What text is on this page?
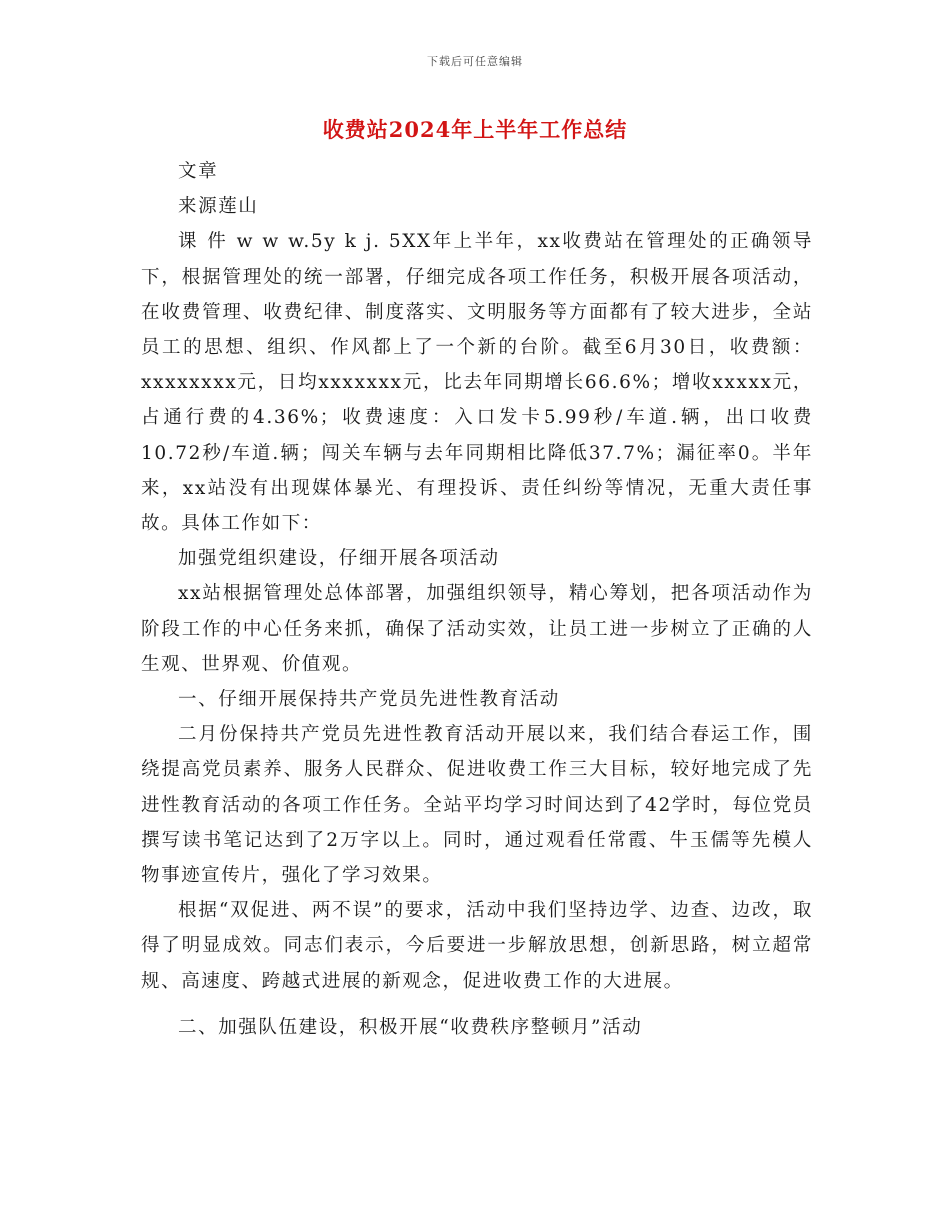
下载后可任意编辑
收费站2024年上半年工作总结

文章

来源莲山

课 件 w w w.5y k j. 5XX年上半年，xx收费站在管理处的正确领导下，根据管理处的统一部署，仔细完成各项工作任务，积极开展各项活动，在收费管理、收费纪律、制度落实、文明服务等方面都有了较大进步，全站员工的思想、组织、作风都上了一个新的台阶。截至6月30日，收费额：xxxxxxxx元，日均xxxxxxx元，比去年同期增长66.6%；增收xxxxx元，占通行费的4.36%；收费速度：入口发卡5.99秒/车道.辆，出口收费10.72秒/车道.辆；闯关车辆与去年同期相比降低37.7%；漏征率0。半年来，xx站没有出现媒体暴光、有理投诉、责任纠纷等情况，无重大责任事故。具体工作如下：

加强党组织建设，仔细开展各项活动

xx站根据管理处总体部署，加强组织领导，精心筹划，把各项活动作为阶段工作的中心任务来抓，确保了活动实效，让员工进一步树立了正确的人生观、世界观、价值观。

一、仔细开展保持共产党员先进性教育活动

二月份保持共产党员先进性教育活动开展以来，我们结合春运工作，围绕提高党员素养、服务人民群众、促进收费工作三大目标，较好地完成了先进性教育活动的各项工作任务。全站平均学习时间达到了42学时，每位党员撰写读书笔记达到了2万字以上。同时，通过观看任常霞、牛玉儒等先模人物事迹宣传片，强化了学习效果。

根据“双促进、两不误”的要求，活动中我们坚持边学、边查、边改，取得了明显成效。同志们表示，今后要进一步解放思想，创新思路，树立超常规、高速度、跨越式进展的新观念，促进收费工作的大进展。

二、加强队伍建设，积极开展“收费秩序整顿月”活动
